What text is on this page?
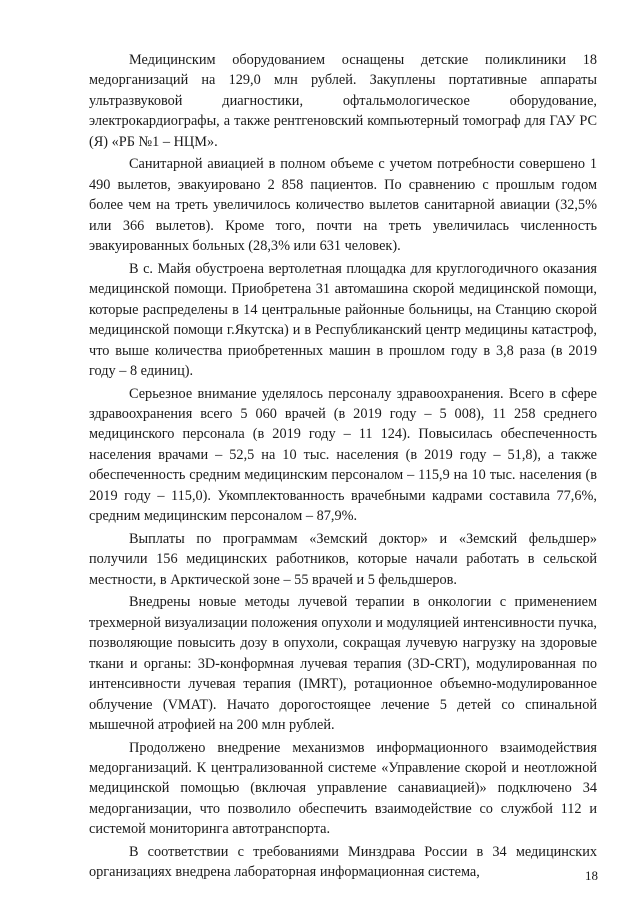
Медицинским оборудованием оснащены детские поликлиники 18 медорганизаций на 129,0 млн рублей. Закуплены портативные аппараты ультразвуковой диагностики, офтальмологическое оборудование, электрокардиографы, а также рентгеновский компьютерный томограф для ГАУ РС (Я) «РБ №1 – НЦМ».

Санитарной авиацией в полном объеме с учетом потребности совершено 1 490 вылетов, эвакуировано 2 858 пациентов. По сравнению с прошлым годом более чем на треть увеличилось количество вылетов санитарной авиации (32,5% или 366 вылетов). Кроме того, почти на треть увеличилась численность эвакуированных больных (28,3% или 631 человек).

В с. Майя обустроена вертолетная площадка для круглогодичного оказания медицинской помощи. Приобретена 31 автомашина скорой медицинской помощи, которые распределены в 14 центральные районные больницы, на Станцию скорой медицинской помощи г.Якутска) и в Республиканский центр медицины катастроф, что выше количества приобретенных машин в прошлом году в 3,8 раза (в 2019 году – 8 единиц).

Серьезное внимание уделялось персоналу здравоохранения. Всего в сфере здравоохранения всего 5 060 врачей (в 2019 году – 5 008), 11 258 среднего медицинского персонала (в 2019 году – 11 124). Повысилась обеспеченность населения врачами – 52,5 на 10 тыс. населения (в 2019 году – 51,8), а также обеспеченность средним медицинским персоналом – 115,9 на 10 тыс. населения (в 2019 году – 115,0). Укомплектованность врачебными кадрами составила 77,6%, средним медицинским персоналом – 87,9%.

Выплаты по программам «Земский доктор» и «Земский фельдшер» получили 156 медицинских работников, которые начали работать в сельской местности, в Арктической зоне – 55 врачей и 5 фельдшеров.

Внедрены новые методы лучевой терапии в онкологии с применением трехмерной визуализации положения опухоли и модуляцией интенсивности пучка, позволяющие повысить дозу в опухоли, сокращая лучевую нагрузку на здоровые ткани и органы: 3D-конформная лучевая терапия (3D-CRT), модулированная по интенсивности лучевая терапия (IMRT), ротационное объемно-модулированное облучение (VMAT). Начато дорогостоящее лечение 5 детей со спинальной мышечной атрофией на 200 млн рублей.

Продолжено внедрение механизмов информационного взаимодействия медорганизаций. К централизованной системе «Управление скорой и неотложной медицинской помощью (включая управление санавиацией)» подключено 34 медорганизации, что позволило обеспечить взаимодействие со службой 112 и системой мониторинга автотранспорта.

В соответствии с требованиями Минздрава России в 34 медицинских организациях внедрена лабораторная информационная система,	18
